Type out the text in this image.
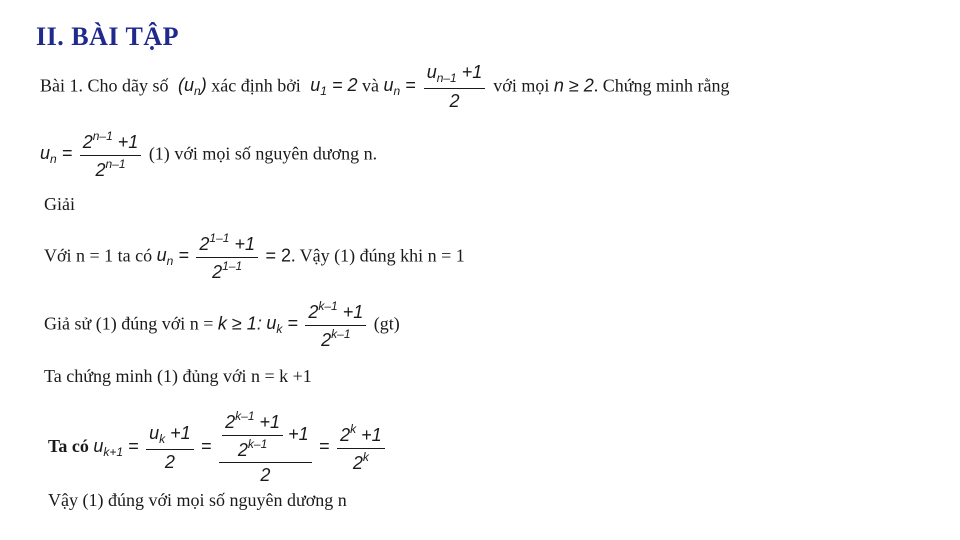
II. BÀI TẬP
Bài 1. Cho dãy số $(u_n)$ xác định bởi  $u_1 = 2$ và $u_n = \frac{u_{n-1} +1}{2}$ với mọi n ≥ 2. Chứng minh rằng
$u_n = \frac{2^{n-1} +1}{2^{n-1}} (1)$ với mọi số nguyên dương n.
Giải
Với n = 1 ta có $u_n = \frac{2^{1-1} +1}{2^{1-1}} = 2$. Vậy (1) đúng khi n = 1
Giả sử (1) đúng với n = k ≥ 1: $u_k = \frac{2^{k-1} +1}{2^{k-1}} (gt)$
Ta chứng minh (1) đủng với n = k +1
Ta có $u_{k+1} = \frac{u_k +1}{2} = \frac{\frac{2^{k-1} +1}{2^{k-1}} +1}{2} = \frac{2^k +1}{2^k}$
Vậy (1) đúng với mọi số nguyên dương n
